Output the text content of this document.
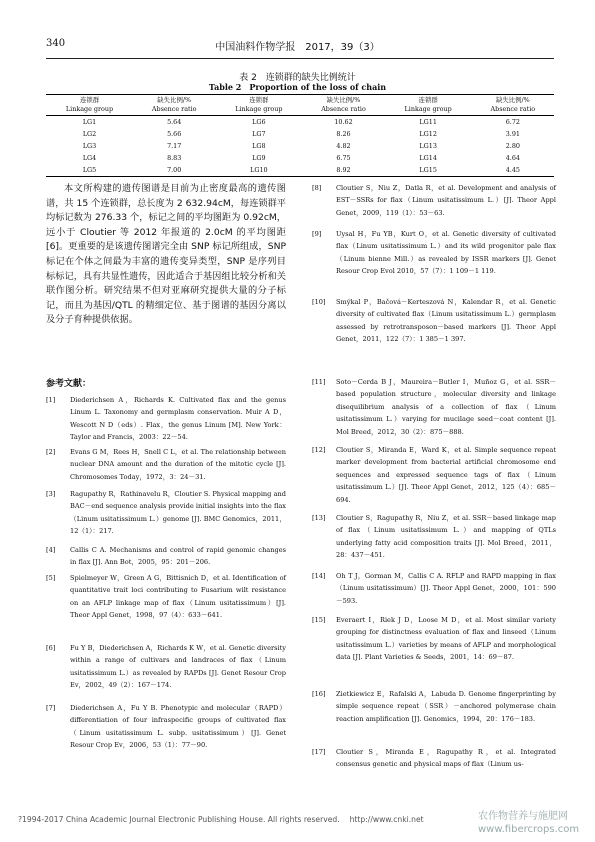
340	中国油料作物学报　2017，39（3）
表 2　连锁群的缺失比例统计
Table 2　Proportion of the loss of chain
连锁群	缺失比例/%	连锁群	缺失比例/%	连锁群	缺失比例/%
Linkage group	Absence ratio	Linkage group	Absence ratio	Linkage group	Absence ratio
LG1	5.64	LG6	10.62	LG11	6.72
LG2	5.66	LG7	8.26	LG12	3.91
LG3	7.17	LG8	4.82	LG13	2.80
LG4	8.83	LG9	6.75	LG14	4.64
LG5	7.00	LG10	8.92	LG15	4.45
本文所构建的遗传图谱是目前为止密度最高的遗传图谱，共 15 个连锁群，总长度为 2 632.94cM，每连锁群平均标记数为 276.33 个，标记之间的平均图距为 0.92cM，远小于 Cloutier 等 2012 年报道的 2.0cM 的平均图距[6]。更重要的是该遗传图谱完全由 SNP 标记所组成，SNP 标记在个体之间最为丰富的遗传变异类型，SNP 是序列目标标记，具有共显性遗传，因此适合于基因组比较分析和关联作图分析。研究结果不但对亚麻研究提供大量的分子标记，而且为基因/QTL 的精细定位、基于图谱的基因分离以及分子育种提供依据。
参考文献：
[1] Diederichsen A，Richards K. Cultivated flax and the genus Linum L. Taxonomy and germplasm conservation. Muir A D，Wescott N D（eds）. Flax，the genus Linum [M]. New York：Taylor and Francis，2003：22－54.
[2] Evans G M，Rees H，Snell C L，et al. The relationship between nuclear DNA amount and the duration of the mitotic cycle [J]. Chromosomes Today，1972，3：24－31.
[3] Ragupathy R，Rathinavelu R，Cloutier S. Physical mapping and BAC－end sequence analysis provide initial insights into the flax（Linum usitatissimum L.）genome [J]. BMC Genomics，2011，12（1）：217.
[4] Callis C A. Mechanisms and control of rapid genomic changes in flax [J]. Ann Bot，2005，95：201－206.
[5] Spielmeyer W，Green A G，Bittisnich D，et al. Identification of quantitative trait loci contributing to Fusarium wilt resistance on an AFLP linkage map of flax（Linum usitatissimum）[J]. Theor Appl Genet，1998，97（4）：633－641.
[6] Fu Y B，Diederichsen A，Richards K W，et al. Genetic diversity within a range of cultivars and landraces of flax（Linum usitatissimum L.）as revealed by RAPDs [J]. Genet Resour Crop Ev，2002，49（2）：167－174.
[7] Diederichsen A，Fu Y B. Phenotypic and molecular（RAPD）differentiation of four infraspecific groups of cultivated flax（Linum usitatissimum L. subp. usitatissimum）[J]. Genet Resour Crop Ev，2006，53（1）：77－90.
[8] Cloutier S，Niu Z，Datla R，et al. Development and analysis of EST－SSRs for flax（Linum usitatissimum L.）[J]. Theor Appl Genet，2009，119（1）：53－63.
[9] Uysal H，Fu YB，Kurt O，et al. Genetic diversity of cultivated flax（Linum usitatissimum L.）and its wild progenitor pale flax（Linum bienne Mill.）as revealed by ISSR markers [J]. Genet Resour Crop Evol 2010，57（7）：1 109－1 119.
[10] Smýkal P，Bačová－Kerteszová N，Kalendar R，et al. Genetic diversity of cultivated flax（Linum usitatissimum L.）germplasm assessed by retrotransposon－based markers [J]. Theor Appl Genet，2011，122（7）：1 385－1 397.
[11] Soto－Cerda B J，Maureira－Butler I，Muñoz G，et al. SSR－based population structure，molecular diversity and linkage disequilibrium analysis of a collection of flax（Linum usitatissimum L.）varying for mucilage seed－coat content [J]. Mol Breed，2012，30（2）：875－888.
[12] Cloutier S，Miranda E，Ward K，et al. Simple sequence repeat marker development from bacterial artificial chromosome end sequences and expressed sequence tags of flax（Linum usitatissimum L.）[J]. Theor Appl Genet，2012，125（4）：685－694.
[13] Cloutier S，Ragupathy R，Niu Z，et al. SSR－based linkage map of flax（Linum usitatissimum L.）and mapping of QTLs underlying fatty acid composition traits [J]. Mol Breed，2011，28：437－451.
[14] Oh T J，Gorman M，Callis C A. RFLP and RAPD mapping in flax（Linum usitatissimum）[J]. Theor Appl Genet，2000，101：590－593.
[15] Everaert I，Riek J D，Loose M D，et al. Most similar variety grouping for distinctness evaluation of flax and linseed（Linum usitatissimum L.）varieties by means of AFLP and morphological data [J]. Plant Varieties & Seeds，2001，14：69－87.
[16] Zietkiewicz E，Rafalski A，Labuda D. Genome fingerprinting by simple sequence repeat（SSR）－anchored polymerase chain reaction amplification [J]. Genomics，1994，20：176－183.
[17] Cloutier S，Miranda E，Ragupathy R，et al. Integrated consensus genetic and physical maps of flax（Linum us-
?1994-2017 China Academic Journal Electronic Publishing House. All rights reserved.　 http://www.cnki.net	农作物营养与施肥网
www.fibercrops.com
